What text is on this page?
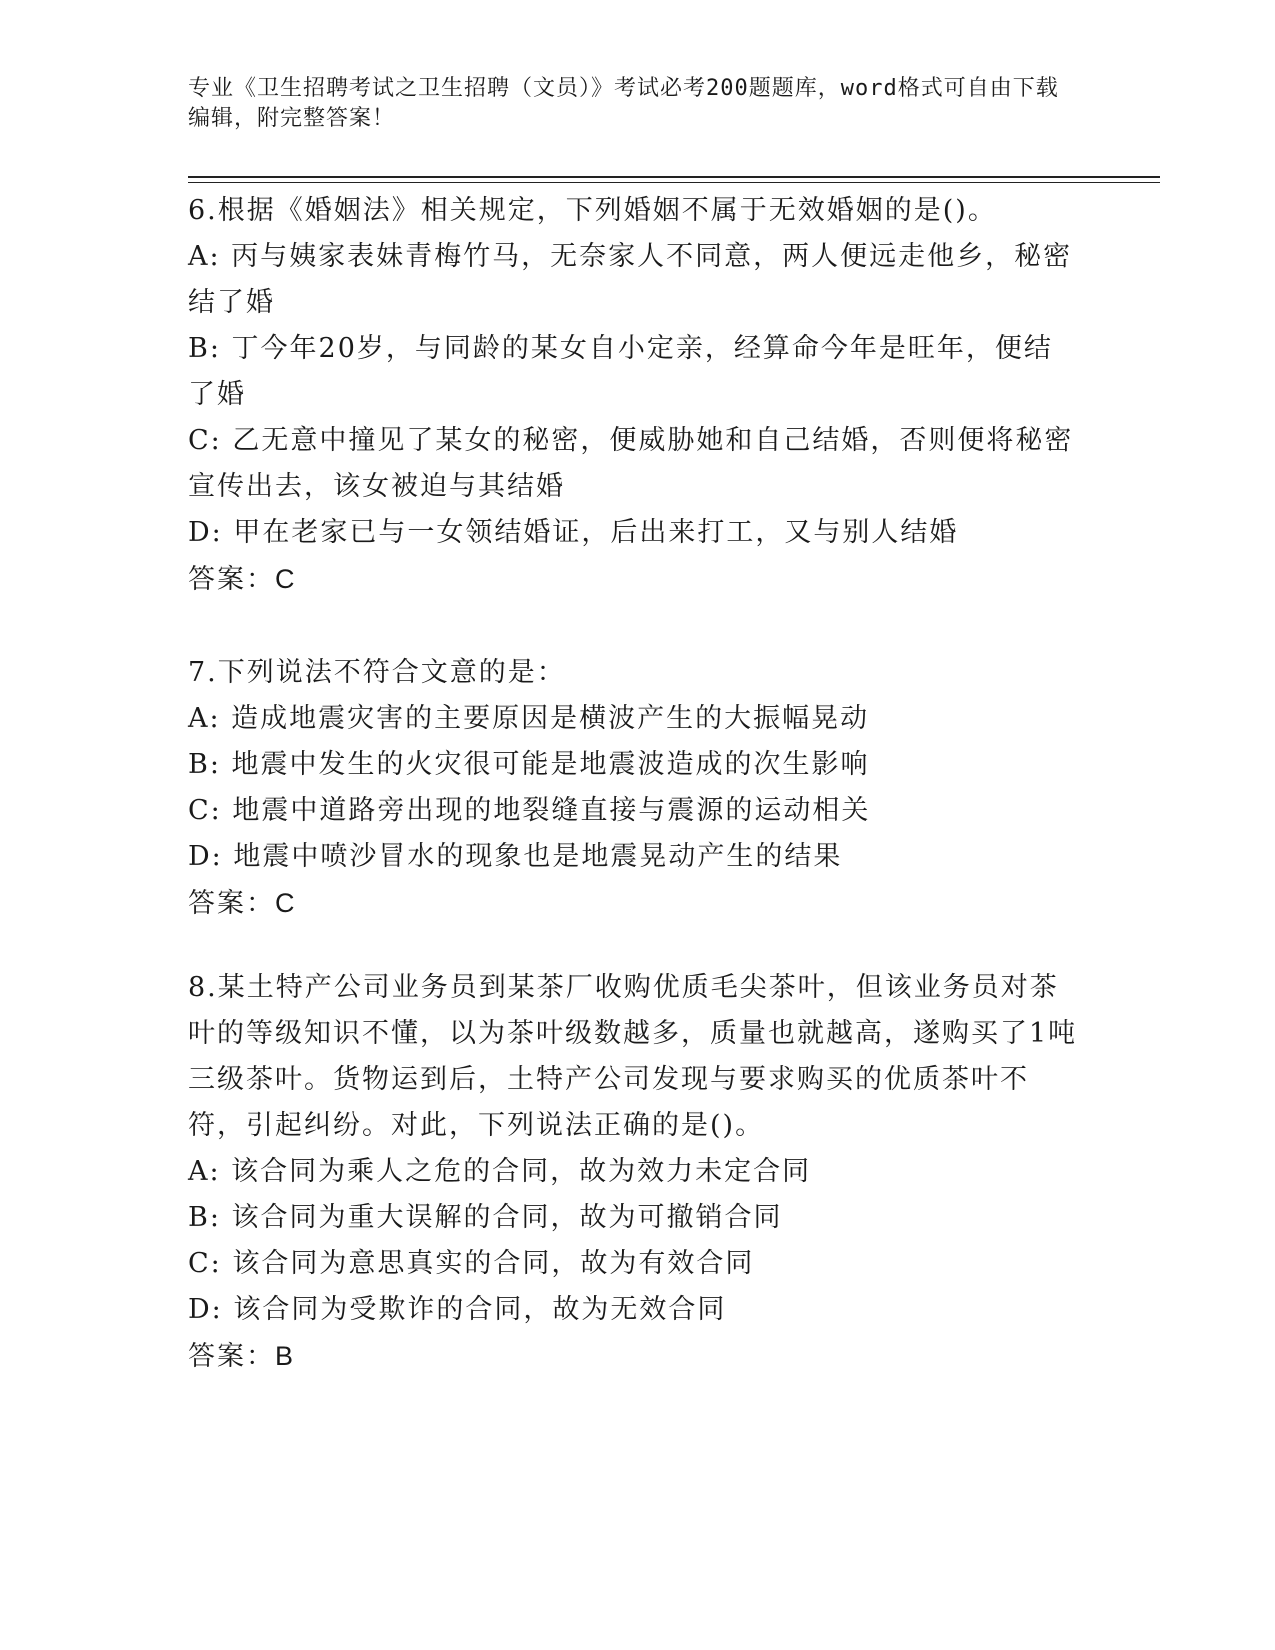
专业《卫生招聘考试之卫生招聘（文员）》考试必考200题题库，word格式可自由下载编辑，附完整答案！

6.根据《婚姻法》相关规定，下列婚姻不属于无效婚姻的是()。

A: 丙与姨家表妹青梅竹马，无奈家人不同意，两人便远走他乡，秘密结了婚

B: 丁今年20岁，与同龄的某女自小定亲，经算命今年是旺年，便结了婚

C: 乙无意中撞见了某女的秘密，便威胁她和自己结婚，否则便将秘密宣传出去，该女被迫与其结婚

D: 甲在老家已与一女领结婚证，后出来打工，又与别人结婚

答案：C

7.下列说法不符合文意的是：

A: 造成地震灾害的主要原因是横波产生的大振幅晃动

B: 地震中发生的火灾很可能是地震波造成的次生影响

C: 地震中道路旁出现的地裂缝直接与震源的运动相关

D: 地震中喷沙冒水的现象也是地震晃动产生的结果

答案：C

8.某土特产公司业务员到某茶厂收购优质毛尖茶叶，但该业务员对茶叶的等级知识不懂，以为茶叶级数越多，质量也就越高，遂购买了1吨三级茶叶。货物运到后，土特产公司发现与要求购买的优质茶叶不符，引起纠纷。对此，下列说法正确的是()。

A: 该合同为乘人之危的合同，故为效力未定合同

B: 该合同为重大误解的合同，故为可撤销合同

C: 该合同为意思真实的合同，故为有效合同

D: 该合同为受欺诈的合同，故为无效合同

答案：B
